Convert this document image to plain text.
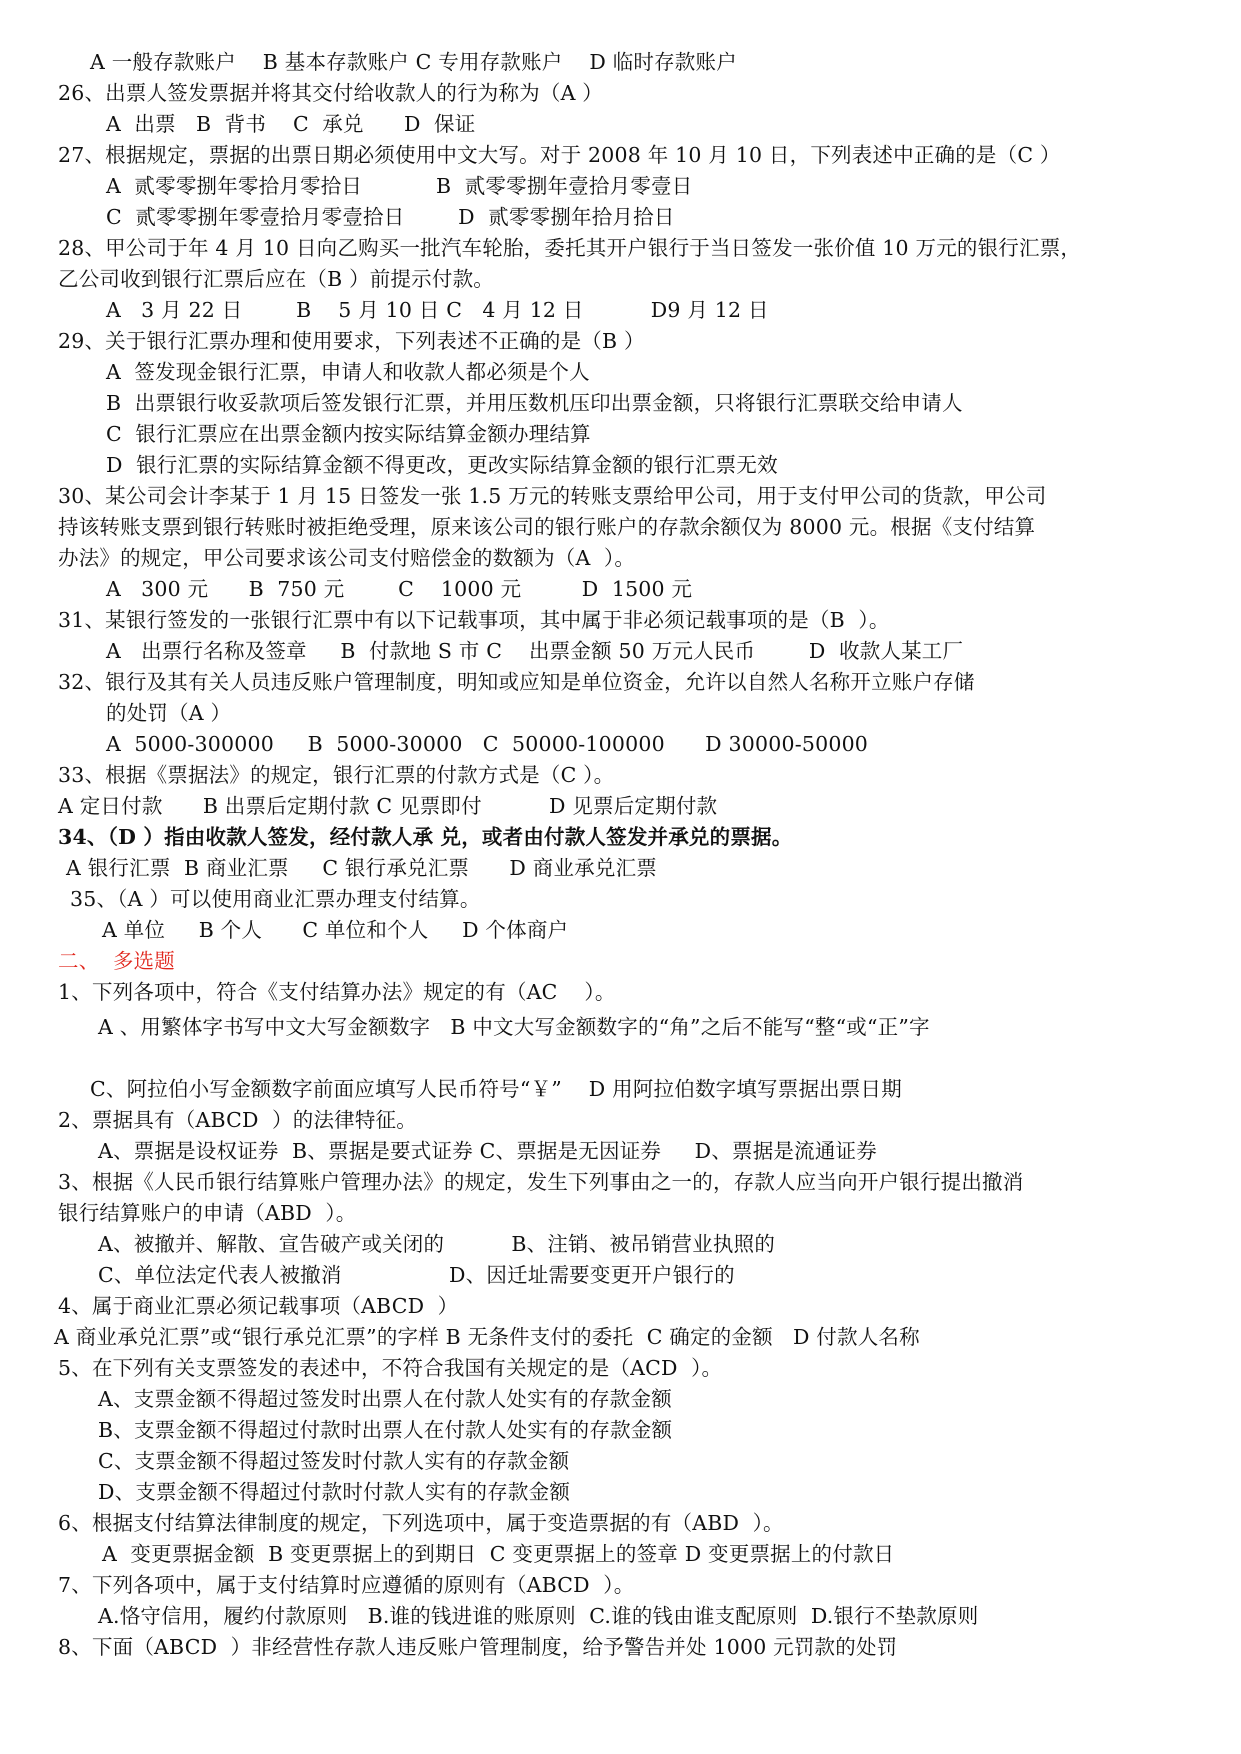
A 一般存款账户    B 基本存款账户 C 专用存款账户    D 临时存款账户
26、出票人签发票据并将其交付给收款人的行为称为（A ）
A  出票   B  背书    C  承兑      D  保证
27、根据规定，票据的出票日期必须使用中文大写。对于 2008 年 10 月 10 日，下列表述中正确的是（C ）
A  贰零零捌年零拾月零拾日           B  贰零零捌年壹拾月零壹日
C  贰零零捌年零壹拾月零壹拾日        D  贰零零捌年拾月拾日
28、甲公司于年 4 月 10 日向乙购买一批汽车轮胎，委托其开户银行于当日签发一张价值 10 万元的银行汇票，
乙公司收到银行汇票后应在（B ）前提示付款。
A   3 月 22 日        B    5 月 10 日 C   4 月 12 日          D9 月 12 日
29、关于银行汇票办理和使用要求，下列表述不正确的是（B ）
A  签发现金银行汇票，申请人和收款人都必须是个人
B  出票银行收妥款项后签发银行汇票，并用压数机压印出票金额，只将银行汇票联交给申请人
C  银行汇票应在出票金额内按实际结算金额办理结算
D  银行汇票的实际结算金额不得更改，更改实际结算金额的银行汇票无效
30、某公司会计李某于 1 月 15 日签发一张 1.5 万元的转账支票给甲公司，用于支付甲公司的货款，甲公司
持该转账支票到银行转账时被拒绝受理，原来该公司的银行账户的存款余额仅为 8000 元。根据《支付结算
办法》的规定，甲公司要求该公司支付赔偿金的数额为（A  ）。
A   300 元      B  750 元        C    1000 元         D  1500 元
31、某银行签发的一张银行汇票中有以下记载事项，其中属于非必须记载事项的是（B  ）。
A   出票行名称及签章     B  付款地 S 市 C    出票金额 50 万元人民币        D  收款人某工厂
32、银行及其有关人员违反账户管理制度，明知或应知是单位资金，允许以自然人名称开立账户存储
的处罚（A ）
A  5000-300000     B  5000-30000   C  50000-100000      D 30000-50000
33、根据《票据法》的规定，银行汇票的付款方式是（C ）。
A 定日付款      B 出票后定期付款 C 见票即付          D 见票后定期付款
34、（D ）指由收款人签发，经付款人承 兑，或者由付款人签发并承兑的票据。
A 银行汇票  B 商业汇票     C 银行承兑汇票      D 商业承兑汇票
35、（A ）可以使用商业汇票办理支付结算。
A 单位     B 个人      C 单位和个人     D 个体商户
二、  多选题
1、下列各项中，符合《支付结算办法》规定的有（AC    ）。
A 、用繁体字书写中文大写金额数字   B 中文大写金额数字的“角”之后不能写“整“或“正”字
C、阿拉伯小写金额数字前面应填写人民币符号“￥”    D 用阿拉伯数字填写票据出票日期
2、票据具有（ABCD  ）的法律特征。
A、票据是设权证券  B、票据是要式证券 C、票据是无因证券     D、票据是流通证券
3、根据《人民币银行结算账户管理办法》的规定，发生下列事由之一的，存款人应当向开户银行提出撤消
银行结算账户的申请（ABD  ）。
A、被撤并、解散、宣告破产或关闭的          B、注销、被吊销营业执照的
C、单位法定代表人被撤消                D、因迁址需要变更开户银行的
4、属于商业汇票必须记载事项（ABCD  ）
A 商业承兑汇票”或“银行承兑汇票”的字样 B 无条件支付的委托  C 确定的金额   D 付款人名称
5、在下列有关支票签发的表述中，不符合我国有关规定的是（ACD  ）。
A、支票金额不得超过签发时出票人在付款人处实有的存款金额
B、支票金额不得超过付款时出票人在付款人处实有的存款金额
C、支票金额不得超过签发时付款人实有的存款金额
D、支票金额不得超过付款时付款人实有的存款金额
6、根据支付结算法律制度的规定，下列选项中，属于变造票据的有（ABD  ）。
A  变更票据金额  B 变更票据上的到期日  C 变更票据上的签章 D 变更票据上的付款日
7、下列各项中，属于支付结算时应遵循的原则有（ABCD  ）。
A.恪守信用，履约付款原则   B.谁的钱进谁的账原则  C.谁的钱由谁支配原则  D.银行不垫款原则
8、下面（ABCD  ）非经营性存款人违反账户管理制度，给予警告并处 1000 元罚款的处罚
